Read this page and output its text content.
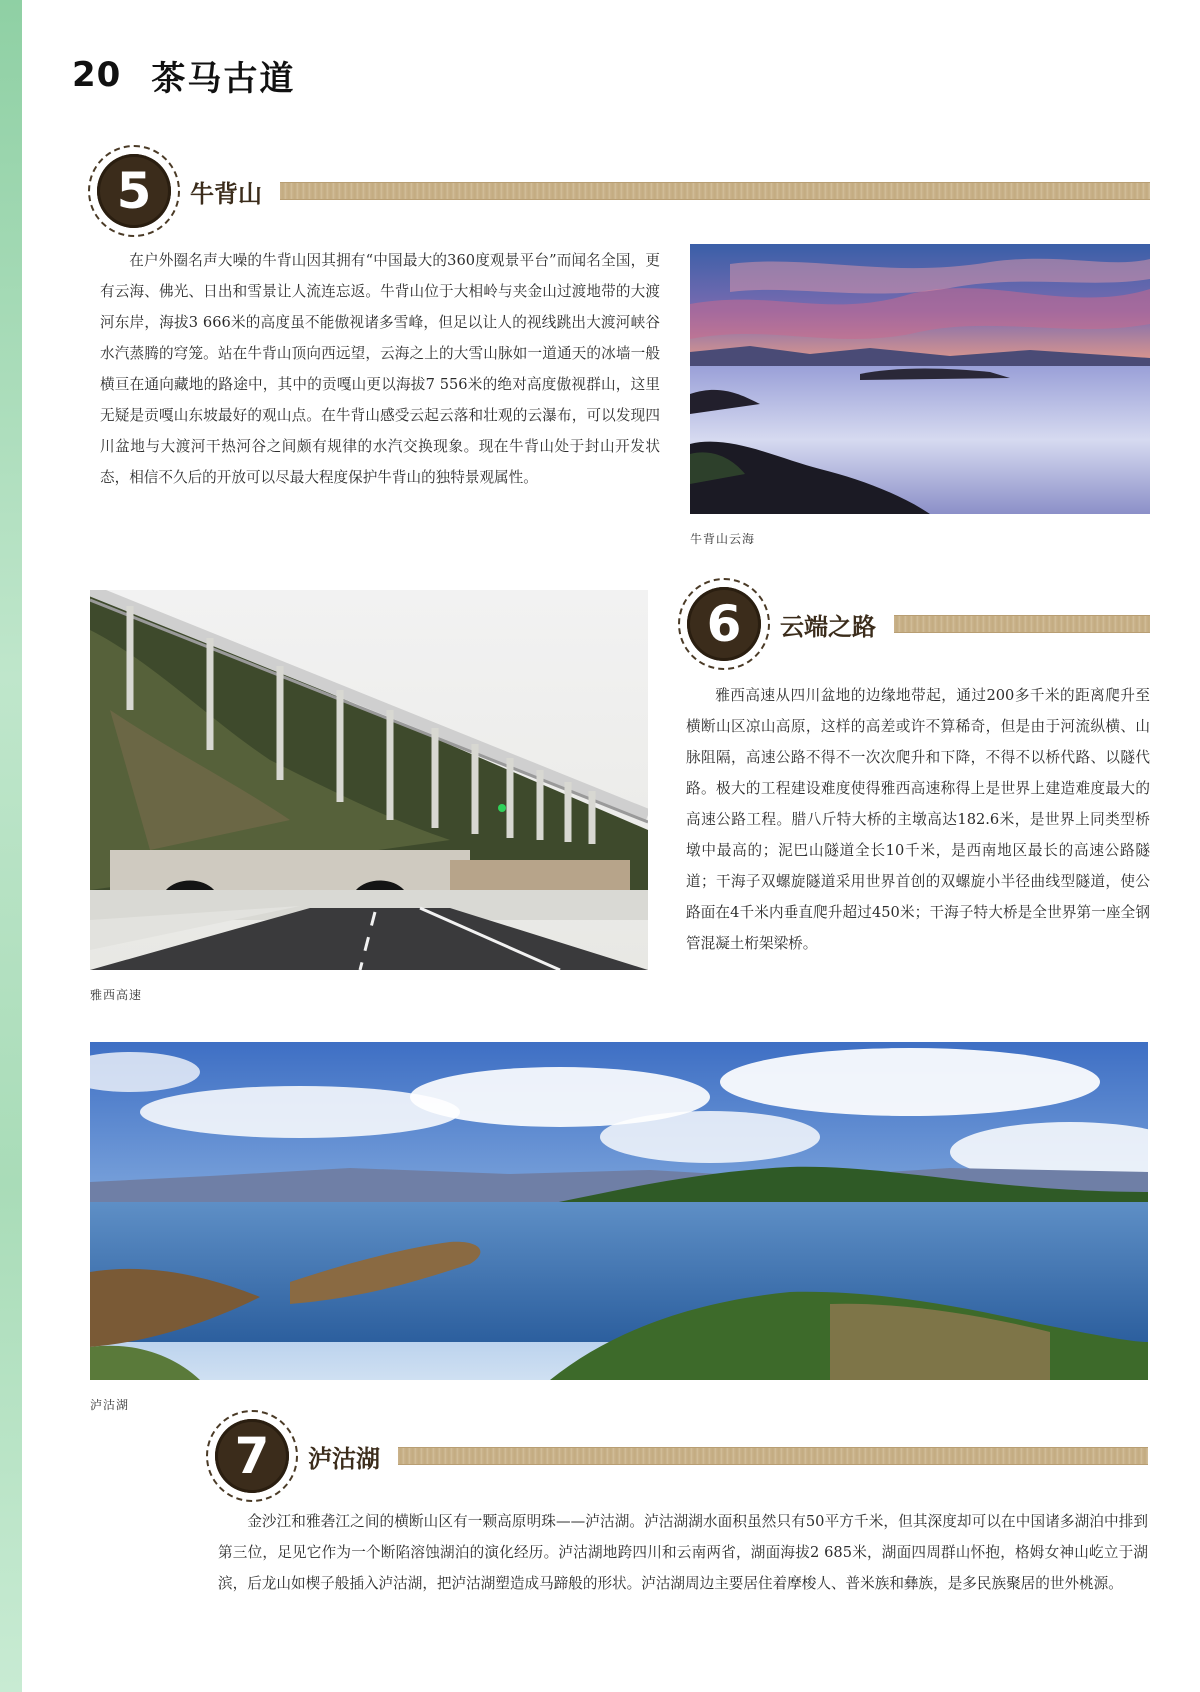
20 茶马古道
5	牛背山

在户外圈名声大噪的牛背山因其拥有“中国最大的360度观景平台”而闻名全国，更有云海、佛光、日出和雪景让人流连忘返。牛背山位于大相岭与夹金山过渡地带的大渡河东岸，海拔3 666米的高度虽不能傲视诸多雪峰，但足以让人的视线跳出大渡河峡谷水汽蒸腾的穹笼。站在牛背山顶向西远望，云海之上的大雪山脉如一道通天的冰墙一般横亘在通向藏地的路途中，其中的贡嘎山更以海拔7 556米的绝对高度傲视群山，这里无疑是贡嘎山东坡最好的观山点。在牛背山感受云起云落和壮观的云瀑布，可以发现四川盆地与大渡河干热河谷之间颇有规律的水汽交换现象。现在牛背山处于封山开发状态，相信不久后的开放可以尽最大程度保护牛背山的独特景观属性。

牛背山云海
雅西高速
6	云端之路

雅西高速从四川盆地的边缘地带起，通过200多千米的距离爬升至横断山区凉山高原，这样的高差或许不算稀奇，但是由于河流纵横、山脉阻隔，高速公路不得不一次次爬升和下降，不得不以桥代路、以隧代路。极大的工程建设难度使得雅西高速称得上是世界上建造难度最大的高速公路工程。腊八斤特大桥的主墩高达182.6米，是世界上同类型桥墩中最高的；泥巴山隧道全长10千米，是西南地区最长的高速公路隧道；干海子双螺旋隧道采用世界首创的双螺旋小半径曲线型隧道，使公路面在4千米内垂直爬升超过450米；干海子特大桥是全世界第一座全钢管混凝土桁架梁桥。

泸沽湖
7	泸沽湖

金沙江和雅砻江之间的横断山区有一颗高原明珠——泸沽湖。泸沽湖湖水面积虽然只有50平方千米，但其深度却可以在中国诸多湖泊中排到第三位，足见它作为一个断陷溶蚀湖泊的演化经历。泸沽湖地跨四川和云南两省，湖面海拔2 685米，湖面四周群山怀抱，格姆女神山屹立于湖滨，后龙山如楔子般插入泸沽湖，把泸沽湖塑造成马蹄般的形状。泸沽湖周边主要居住着摩梭人、普米族和彝族，是多民族聚居的世外桃源。
